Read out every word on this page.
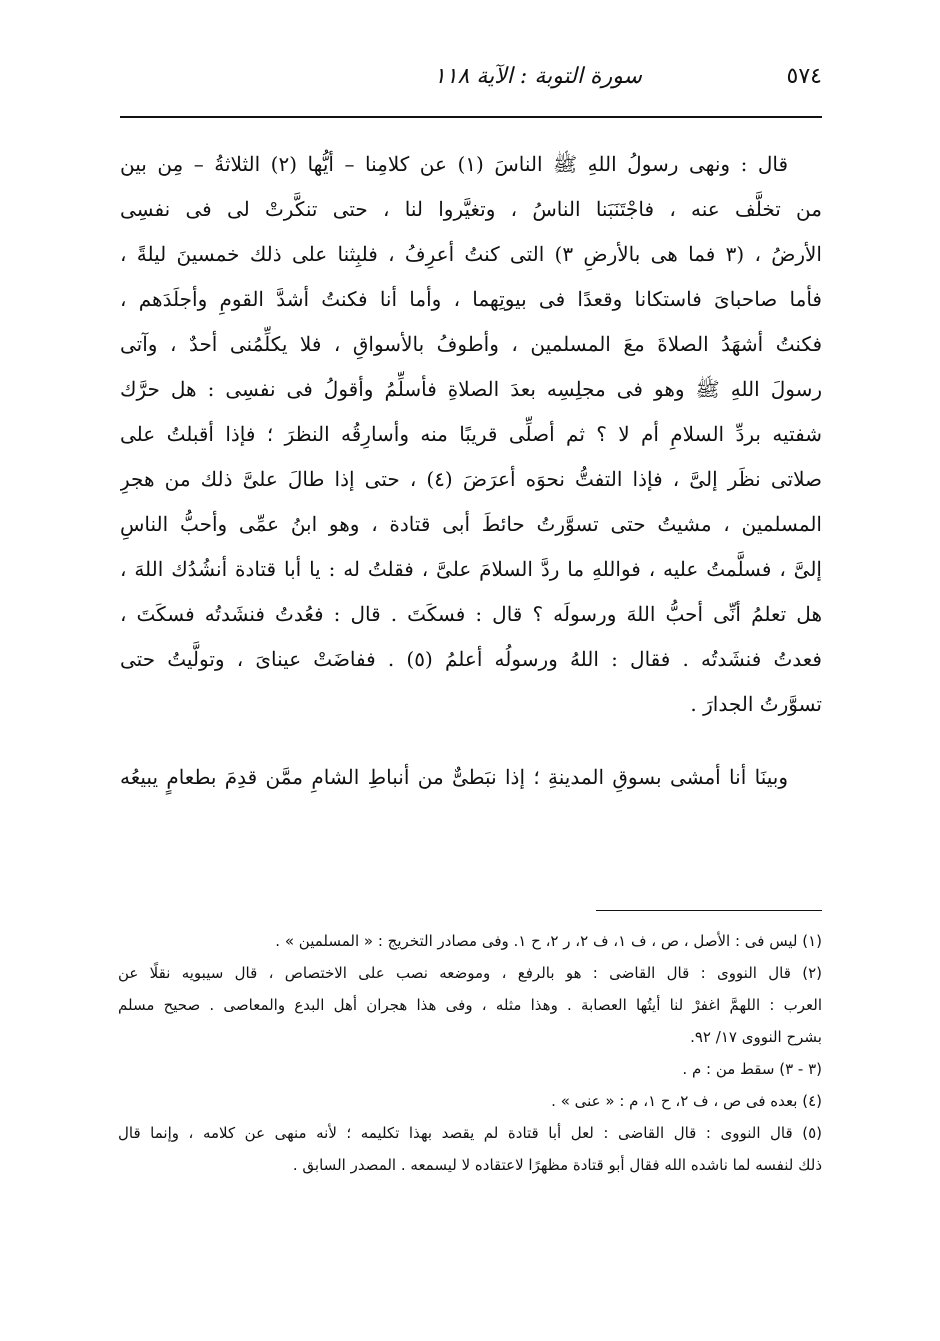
٥٧٤
سورة التوبة : الآية ١١٨
قال : ونهى رسولُ اللهِ ﷺ الناسَ (١) عن كلامِنا – أيُّها (٢) الثلاثةُ – مِن بين
من تخلَّف عنه ، فاجْتَنَبَنا الناسُ ، وتغيَّروا لنا ، حتى تنكَّرتْ لى فى نفسِى
الأرضُ ، (٣ فما هى بالأرضِ ٣) التى كنتُ أعرِفُ ، فلبِثنا على ذلك خمسينَ ليلةً ،
فأما صاحباىَ فاستكانا وقعدًا فى بيوتِهما ، وأما أنا فكنتُ أشدَّ القومِ وأجلَدَهم ،
فكنتُ أشهَدُ الصلاةَ معَ المسلمين ، وأطوفُ بالأسواقِ ، فلا يكلِّمُنى أحدٌ ، وآتى
رسولَ اللهِ ﷺ وهو فى مجلِسِه بعدَ الصلاةِ فأسلِّمُ وأقولُ فى نفسِى : هل حرَّك
شفتيه بردِّ السلامِ أم لا ؟ ثم أصلِّى قريبًا منه وأسارِقُه النظرَ ؛ فإذا أقبلتُ على
صلاتى نظَر إلىَّ ، فإذا التفتُّ نحوَه أعرَضَ (٤) ، حتى إذا طالَ علىَّ ذلك من هجرِ
المسلمين ، مشيتُ حتى تسوَّرتُ حائطَ أبى قتادة ، وهو ابنُ عمِّى وأحبُّ الناسِ
إلىَّ ، فسلَّمتُ عليه ، فواللهِ ما ردَّ السلامَ علىَّ ، فقلتُ له : يا أبا قتادة أنشُدُك اللهَ ،
هل تعلمُ أنِّى أحبُّ اللهَ ورسولَه ؟ قال : فسكَتَ . قال : فعُدتُ فنشَدتُه فسكَتَ ،
فعدتُ فنشَدتُه . فقال : اللهُ ورسولُه أعلمُ (٥) . ففاضَتْ عيناىَ ، وتولَّيتُ حتى
تسوَّرتُ الجدارَ .
وبينَا أنا أمشى بسوقِ المدينةِ ؛ إذا نبَطىٌّ من أنباطِ الشامِ ممَّن قدِمَ بطعامٍ يبيعُه
(١) ليس فى : الأصل ، ص ، ف ١، ف ٢، ر ٢، ح ١. وفى مصادر التخريج : « المسلمين » .
(٢) قال النووى : قال القاضى : هو بالرفع ، وموضعه نصب على الاختصاص ، قال سيبويه نقلًا عن
العرب : اللهمَّ اغفرْ لنا أيتُها العصابة . وهذا مثله ، وفى هذا هجران أهل البدع والمعاصى . صحيح مسلم
بشرح النووى ١٧/ ٩٢.
(٣ - ٣) سقط من : م .
(٤) بعده فى ص ، ف ٢، ح ١، م : « عنى » .
(٥) قال النووى : قال القاضى : لعل أبا قتادة لم يقصد بهذا تكليمه ؛ لأنه منهى عن كلامه ، وإنما قال
ذلك لنفسه لما ناشده الله فقال أبو قتادة مظهرًا لاعتقاده لا ليسمعه . المصدر السابق .
